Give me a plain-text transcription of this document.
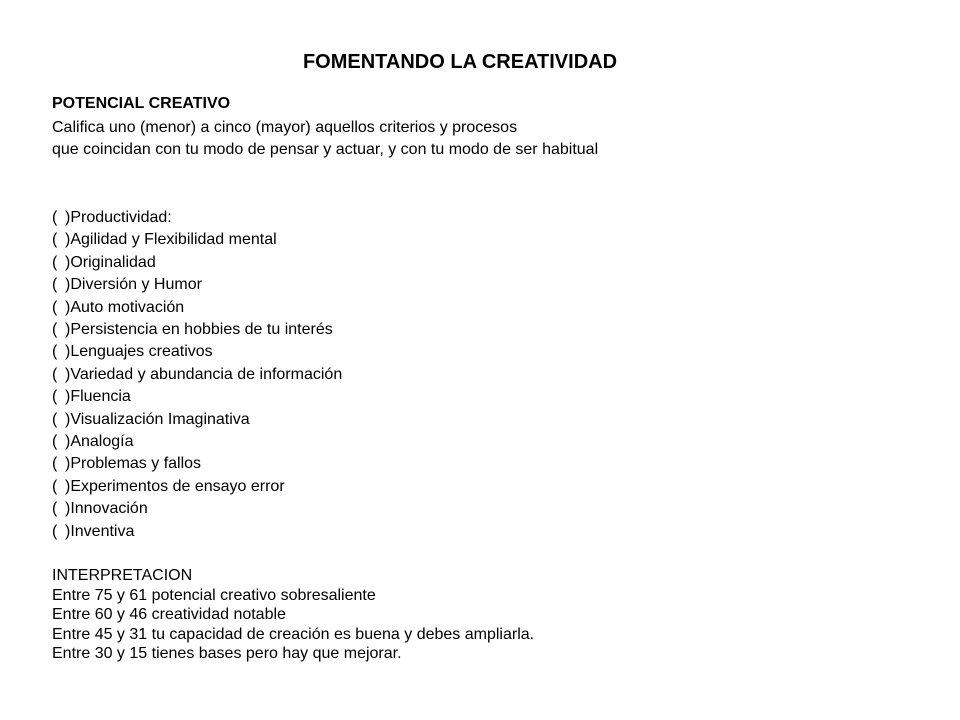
FOMENTANDO LA CREATIVIDAD
POTENCIAL CREATIVO
Califica uno (menor) a cinco (mayor) aquellos criterios y procesos
que coincidan con tu modo de pensar y actuar, y con tu modo de ser habitual
( )Productividad:
( )Agilidad y Flexibilidad mental
( )Originalidad
( )Diversión y Humor
( )Auto motivación
( )Persistencia en hobbies de tu interés
( )Lenguajes creativos
( )Variedad y abundancia de información
( )Fluencia
( )Visualización Imaginativa
( )Analogía
( )Problemas y fallos
( )Experimentos de ensayo error
( )Innovación
( )Inventiva
INTERPRETACION
Entre 75 y 61 potencial creativo sobresaliente
Entre 60 y 46 creatividad notable
Entre 45 y 31 tu capacidad de creación es buena y debes ampliarla.
Entre 30 y 15 tienes bases pero hay que mejorar.
